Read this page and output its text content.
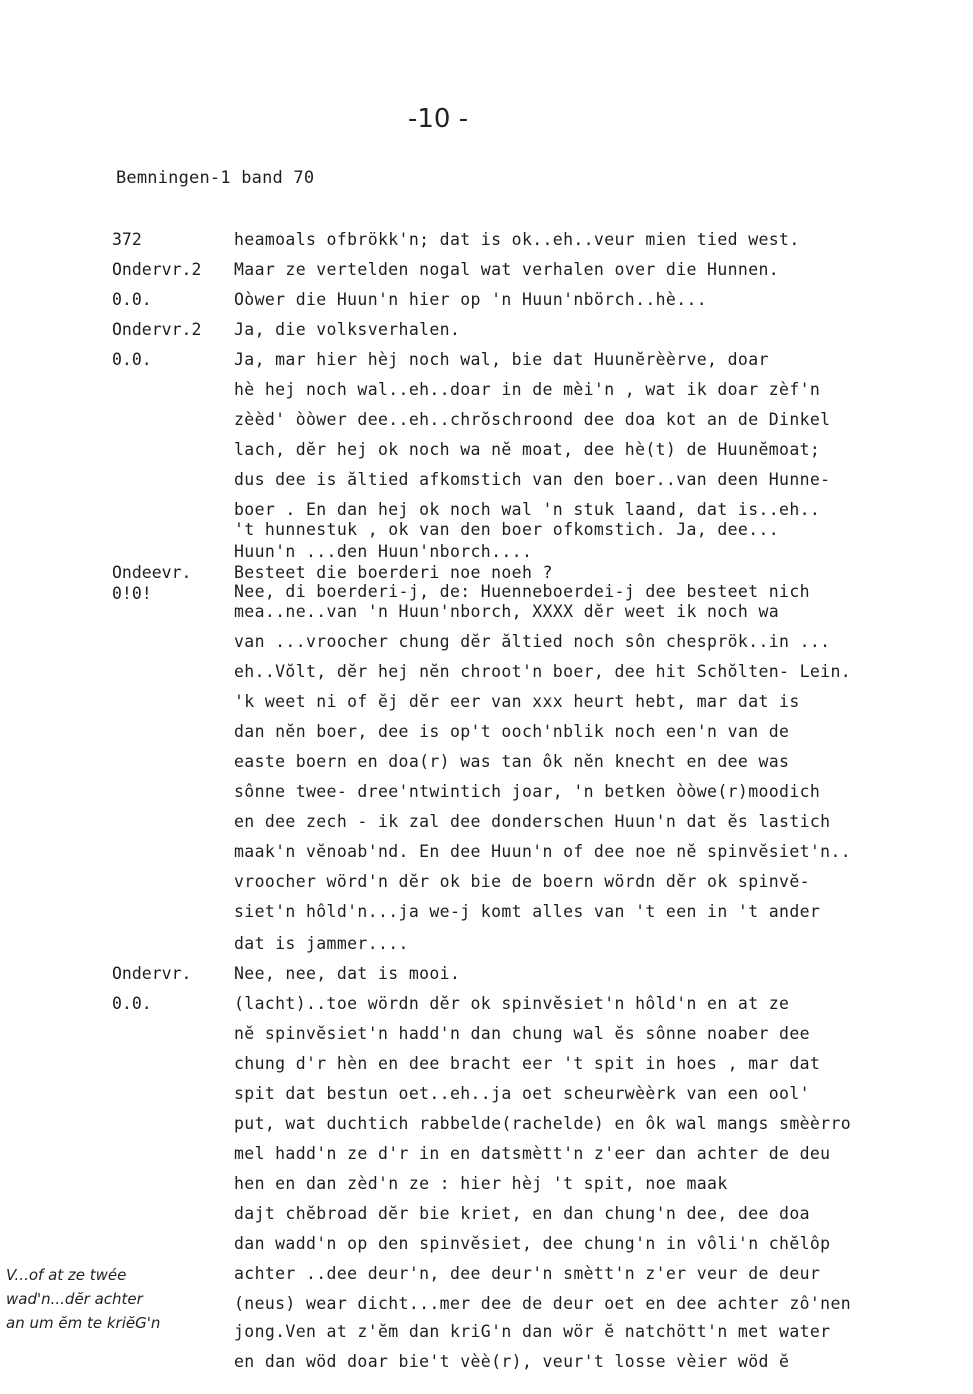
-10 -
Bemningen-1 band 70
372
Ondervr.2
0.0.
Ondervr.2
0.0.
Ondeevr.
0!0!
Ondervr.
0.0.
heamoals ofbrökk'n; dat is ok..eh..veur mien tied west.
Maar ze vertelden nogal wat verhalen over die Hunnen.
Oòwer die Huun'n hier op 'n Huun'nbörch..hè...
Ja, die volksverhalen.
Ja, mar hier hèj noch wal, bie dat Huunĕrèèrve, doar
hè hej noch wal..eh..doar in de mèi'n , wat ik doar zèf'n
zèèd' òòwer dee..eh..chrŏschroond dee doa kot an de Dinkel
lach, dĕr hej ok noch wa nĕ moat, dee hè(t) de Huunĕmoat;
dus dee is ăltied afkomstich van den boer..van deen Hunne-
boer . En dan hej ok noch wal 'n stuk laand, dat is..eh..
't hunnestuk , ok van den boer ofkomstich. Ja, dee...
Huun'n ...den Huun'nborch....
Besteet die boerderi noe noeh ?
Nee, di boerderi-j, de: Huenneboerdei-j dee besteet nich
mea..ne..van 'n Huun'nborch, XXXX dĕr weet ik noch wa
van ...vroocher chung dĕr ăltied noch sôn chesprök..in ...
eh..Vŏlt, dĕr hej nĕn chroot'n boer, dee hit Schŏlten- Lein.
'k weet ni of ĕj dĕr eer van xxx heurt hebt, mar dat is
dan nĕn boer, dee is op't ooch'nblik noch een'n van de
easte boern en doa(r) was tan ôk nĕn knecht en dee was
sônne twee- dree'ntwintich joar, 'n betken òòwe(r)moodich
en dee zech - ik zal dee donderschen Huun'n dat ĕs lastich
maak'n vĕnoab'nd. En dee Huun'n of dee noe nĕ spinvĕsiet'n..
vroocher wörd'n dĕr ok bie de boern wördn dĕr ok spinvĕ-
siet'n hôld'n...ja we-j komt alles van 't een in 't ander
dat is jammer....
Nee, nee, dat is mooi.
(lacht)..toe wördn dĕr ok spinvĕsiet'n hôld'n en at ze
nĕ spinvĕsiet'n hadd'n dan chung wal ĕs sônne noaber dee
chung d'r hèn en dee bracht eer 't spit in hoes , mar dat
spit dat bestun oet..eh..ja oet scheurwèèrk van een ool'
put, wat duchtich rabbelde(rachelde) en ôk wal mangs smèèrro
mel hadd'n ze d'r in en datsmètt'n z'eer dan achter de deu
hen en dan zèd'n ze : hier hèj 't spit, noe maak
dajt chĕbroad dĕr bie kriet, en dan chung'n dee, dee doa
dan wadd'n op den spinvĕsiet, dee chung'n in vôli'n chĕlôp
achter ..dee deur'n, dee deur'n smètt'n z'er veur de deur
(neus) wear dicht...mer dee de deur oet en dee achter zô'nen
jong.Ven at z'ĕm dan kriG'n dan wör ĕ natchött'n met water
en dan wöd doar bie't vèè(r), veur't losse vèier wöd ĕ
V...of at ze twée
wad'n...dĕr achter
an um ĕm te kriĕG'n
